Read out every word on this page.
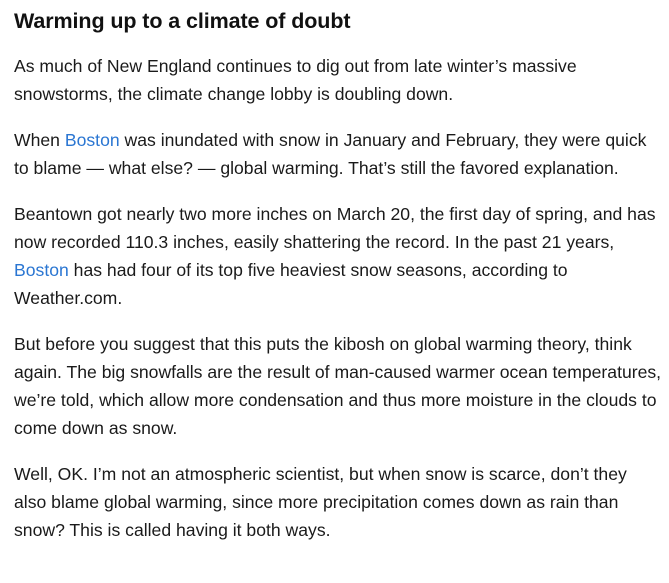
Warming up to a climate of doubt

As much of New England continues to dig out from late winter’s massive snowstorms, the climate change lobby is doubling down.

When Boston was inundated with snow in January and February, they were quick to blame — what else? — global warming. That’s still the favored explanation.

Beantown got nearly two more inches on March 20, the first day of spring, and has now recorded 110.3 inches, easily shattering the record. In the past 21 years, Boston has had four of its top five heaviest snow seasons, according to Weather.com.

But before you suggest that this puts the kibosh on global warming theory, think again. The big snowfalls are the result of man-caused warmer ocean temperatures, we’re told, which allow more condensation and thus more moisture in the clouds to come down as snow.

Well, OK. I’m not an atmospheric scientist, but when snow is scarce, don’t they also blame global warming, since more precipitation comes down as rain than snow? This is called having it both ways.
